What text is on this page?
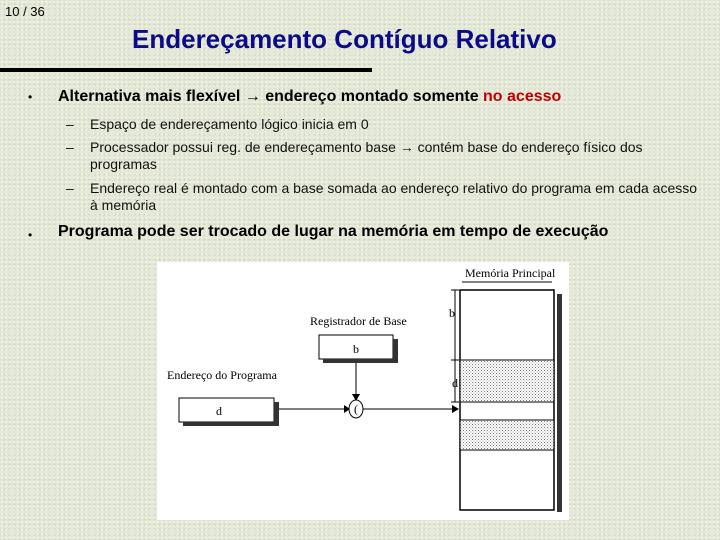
10 / 36
Endereçamento Contíguo Relativo
• Alternativa mais flexível → endereço montado somente no acesso
– Espaço de endereçamento lógico inicia em 0
– Processador possui reg. de endereçamento base → contém base do endereço físico dos programas
– Endereço real é montado com a base somada ao endereço relativo do programa em cada acesso à memória
• Programa pode ser trocado de lugar na memória em tempo de execução
Memória Principal
b
d
Registrador de Base
b
Endereço do Programa
d	(
